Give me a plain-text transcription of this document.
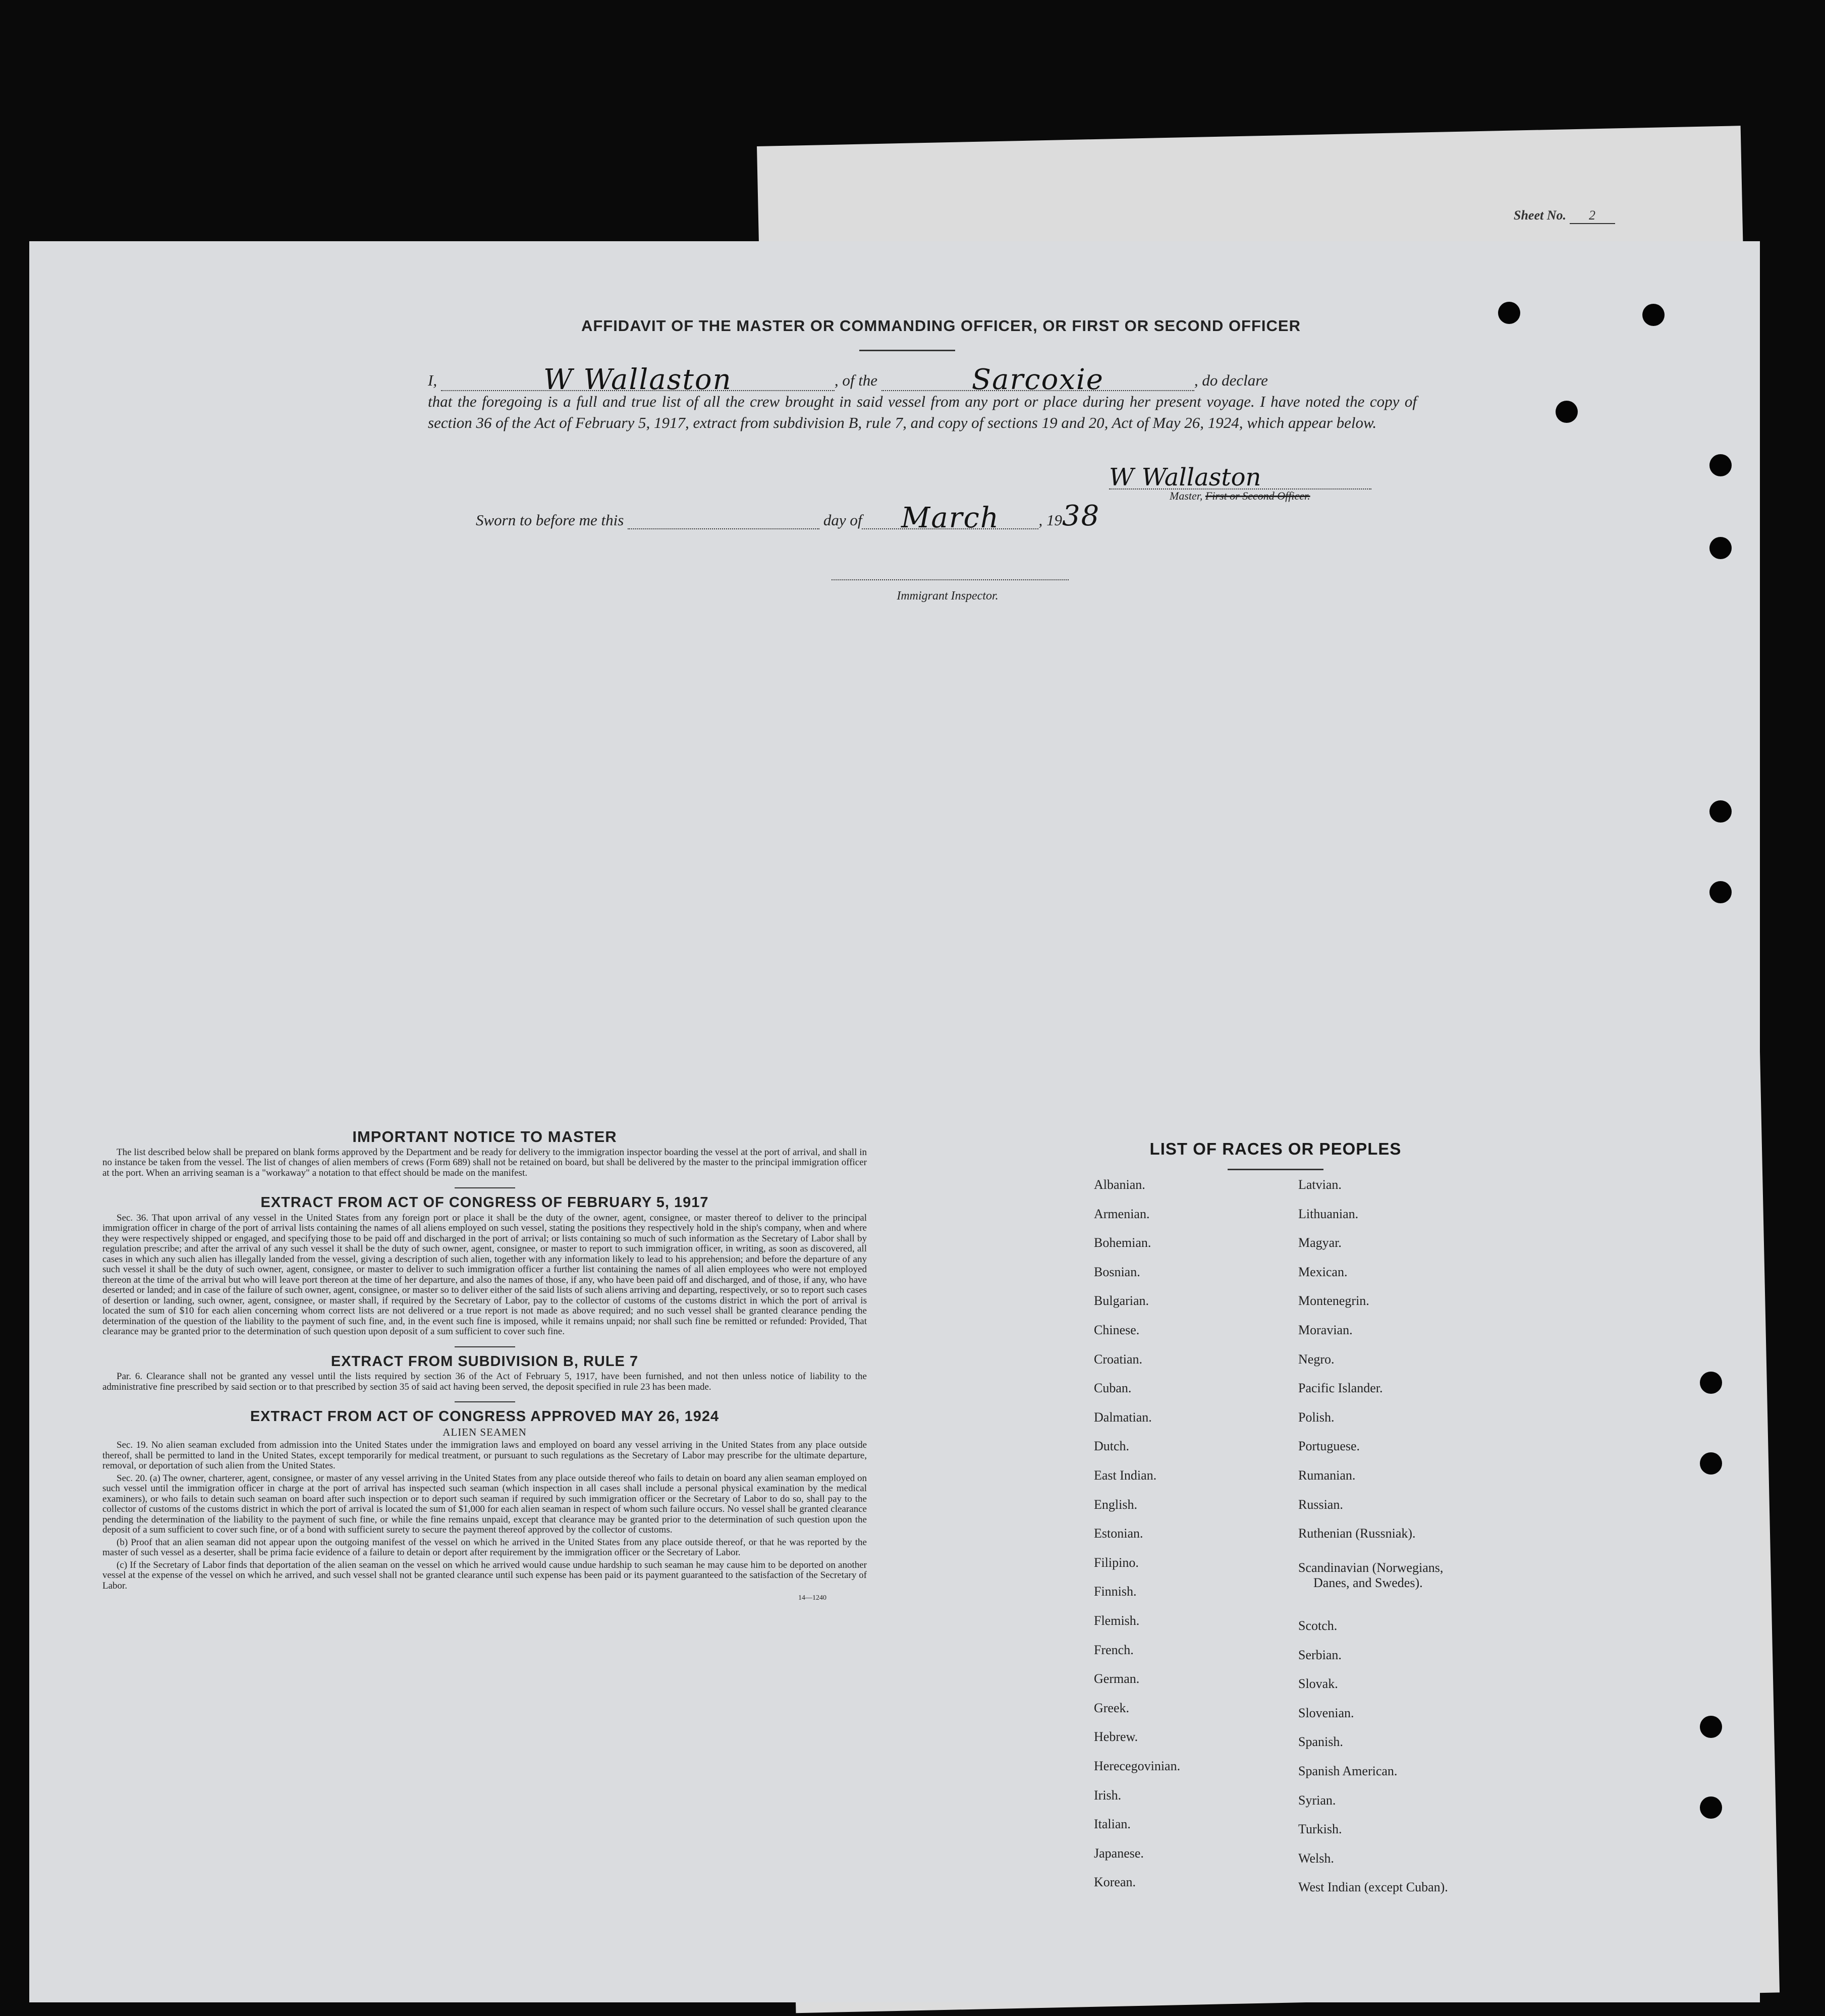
Sheet No. 2
AFFIDAVIT OF THE MASTER OR COMMANDING OFFICER, OR FIRST OR SECOND OFFICER
I,	W Wallaston	, of the	Sarcoxie	, do declare
that the foregoing is a full and true list of all the crew brought in said vessel from any port or place during her present voyage. I have noted the copy of section 36 of the Act of February 5, 1917, extract from subdivision B, rule 7, and copy of sections 19 and 20, Act of May 26, 1924, which appear below.
W Wallaston
Master, First or Second Officer.
Sworn to before me this	day of March	, 1938
Immigrant Inspector.
IMPORTANT NOTICE TO MASTER

The list described below shall be prepared on blank forms approved by the Department and be ready for delivery to the immigration inspector boarding the vessel at the port of arrival, and shall in no instance be taken from the vessel. The list of changes of alien members of crews (Form 689) shall not be retained on board, but shall be delivered by the master to the principal immigration officer at the port. When an arriving seaman is a "workaway" a notation to that effect should be made on the manifest.

EXTRACT FROM ACT OF CONGRESS OF FEBRUARY 5, 1917

Sec. 36. That upon arrival of any vessel in the United States from any foreign port or place it shall be the duty of the owner, agent, consignee, or master thereof to deliver to the principal immigration officer in charge of the port of arrival lists containing the names of all aliens employed on such vessel, stating the positions they respectively hold in the ship's company, when and where they were respectively shipped or engaged, and specifying those to be paid off and discharged in the port of arrival; or lists containing so much of such information as the Secretary of Labor shall by regulation prescribe; and after the arrival of any such vessel it shall be the duty of such owner, agent, consignee, or master to report to such immigration officer, in writing, as soon as discovered, all cases in which any such alien has illegally landed from the vessel, giving a description of such alien, together with any information likely to lead to his apprehension; and before the departure of any such vessel it shall be the duty of such owner, agent, consignee, or master to deliver to such immigration officer a further list containing the names of all alien employees who were not employed thereon at the time of the arrival but who will leave port thereon at the time of her departure, and also the names of those, if any, who have been paid off and discharged, and of those, if any, who have deserted or landed; and in case of the failure of such owner, agent, consignee, or master so to deliver either of the said lists of such aliens arriving and departing, respectively, or so to report such cases of desertion or landing, such owner, agent, consignee, or master shall, if required by the Secretary of Labor, pay to the collector of customs of the customs district in which the port of arrival is located the sum of $10 for each alien concerning whom correct lists are not delivered or a true report is not made as above required; and no such vessel shall be granted clearance pending the determination of the question of the liability to the payment of such fine, and, in the event such fine is imposed, while it remains unpaid; nor shall such fine be remitted or refunded: Provided, That clearance may be granted prior to the determination of such question upon deposit of a sum sufficient to cover such fine.

EXTRACT FROM SUBDIVISION B, RULE 7

Par. 6. Clearance shall not be granted any vessel until the lists required by section 36 of the Act of February 5, 1917, have been furnished, and not then unless notice of liability to the administrative fine prescribed by said section or to that prescribed by section 35 of said act having been served, the deposit specified in rule 23 has been made.

EXTRACT FROM ACT OF CONGRESS APPROVED MAY 26, 1924
ALIEN SEAMEN

Sec. 19. No alien seaman excluded from admission into the United States under the immigration laws and employed on board any vessel arriving in the United States from any place outside thereof, shall be permitted to land in the United States, except temporarily for medical treatment, or pursuant to such regulations as the Secretary of Labor may prescribe for the ultimate departure, removal, or deportation of such alien from the United States.

Sec. 20. (a) The owner, charterer, agent, consignee, or master of any vessel arriving in the United States from any place outside thereof who fails to detain on board any alien seaman employed on such vessel until the immigration officer in charge at the port of arrival has inspected such seaman (which inspection in all cases shall include a personal physical examination by the medical examiners), or who fails to detain such seaman on board after such inspection or to deport such seaman if required by such immigration officer or the Secretary of Labor to do so, shall pay to the collector of customs of the customs district in which the port of arrival is located the sum of $1,000 for each alien seaman in respect of whom such failure occurs. No vessel shall be granted clearance pending the determination of the liability to the payment of such fine, or while the fine remains unpaid, except that clearance may be granted prior to the determination of such question upon the deposit of a sum sufficient to cover such fine, or of a bond with sufficient surety to secure the payment thereof approved by the collector of customs.

(b) Proof that an alien seaman did not appear upon the outgoing manifest of the vessel on which he arrived in the United States from any place outside thereof, or that he was reported by the master of such vessel as a deserter, shall be prima facie evidence of a failure to detain or deport after requirement by the immigration officer or the Secretary of Labor.

(c) If the Secretary of Labor finds that deportation of the alien seaman on the vessel on which he arrived would cause undue hardship to such seaman he may cause him to be deported on another vessel at the expense of the vessel on which he arrived, and such vessel shall not be granted clearance until such expense has been paid or its payment guaranteed to the satisfaction of the Secretary of Labor.

14—1240
LIST OF RACES OR PEOPLES
Albanian.
Armenian.
Bohemian.
Bosnian.
Bulgarian.
Chinese.
Croatian.
Cuban.
Dalmatian.
Dutch.
East Indian.
English.
Estonian.
Filipino.
Finnish.
Flemish.
French.
German.
Greek.
Hebrew.
Herecegovinian.
Irish.
Italian.
Japanese.
Korean.
Latvian.
Lithuanian.
Magyar.
Mexican.
Montenegrin.
Moravian.
Negro.
Pacific Islander.
Polish.
Portuguese.
Rumanian.
Russian.
Ruthenian (Russniak).
Scandinavian (Norwegians,
Danes, and Swedes).
Scotch.
Serbian.
Slovak.
Slovenian.
Spanish.
Spanish American.
Syrian.
Turkish.
Welsh.
West Indian (except Cuban).
